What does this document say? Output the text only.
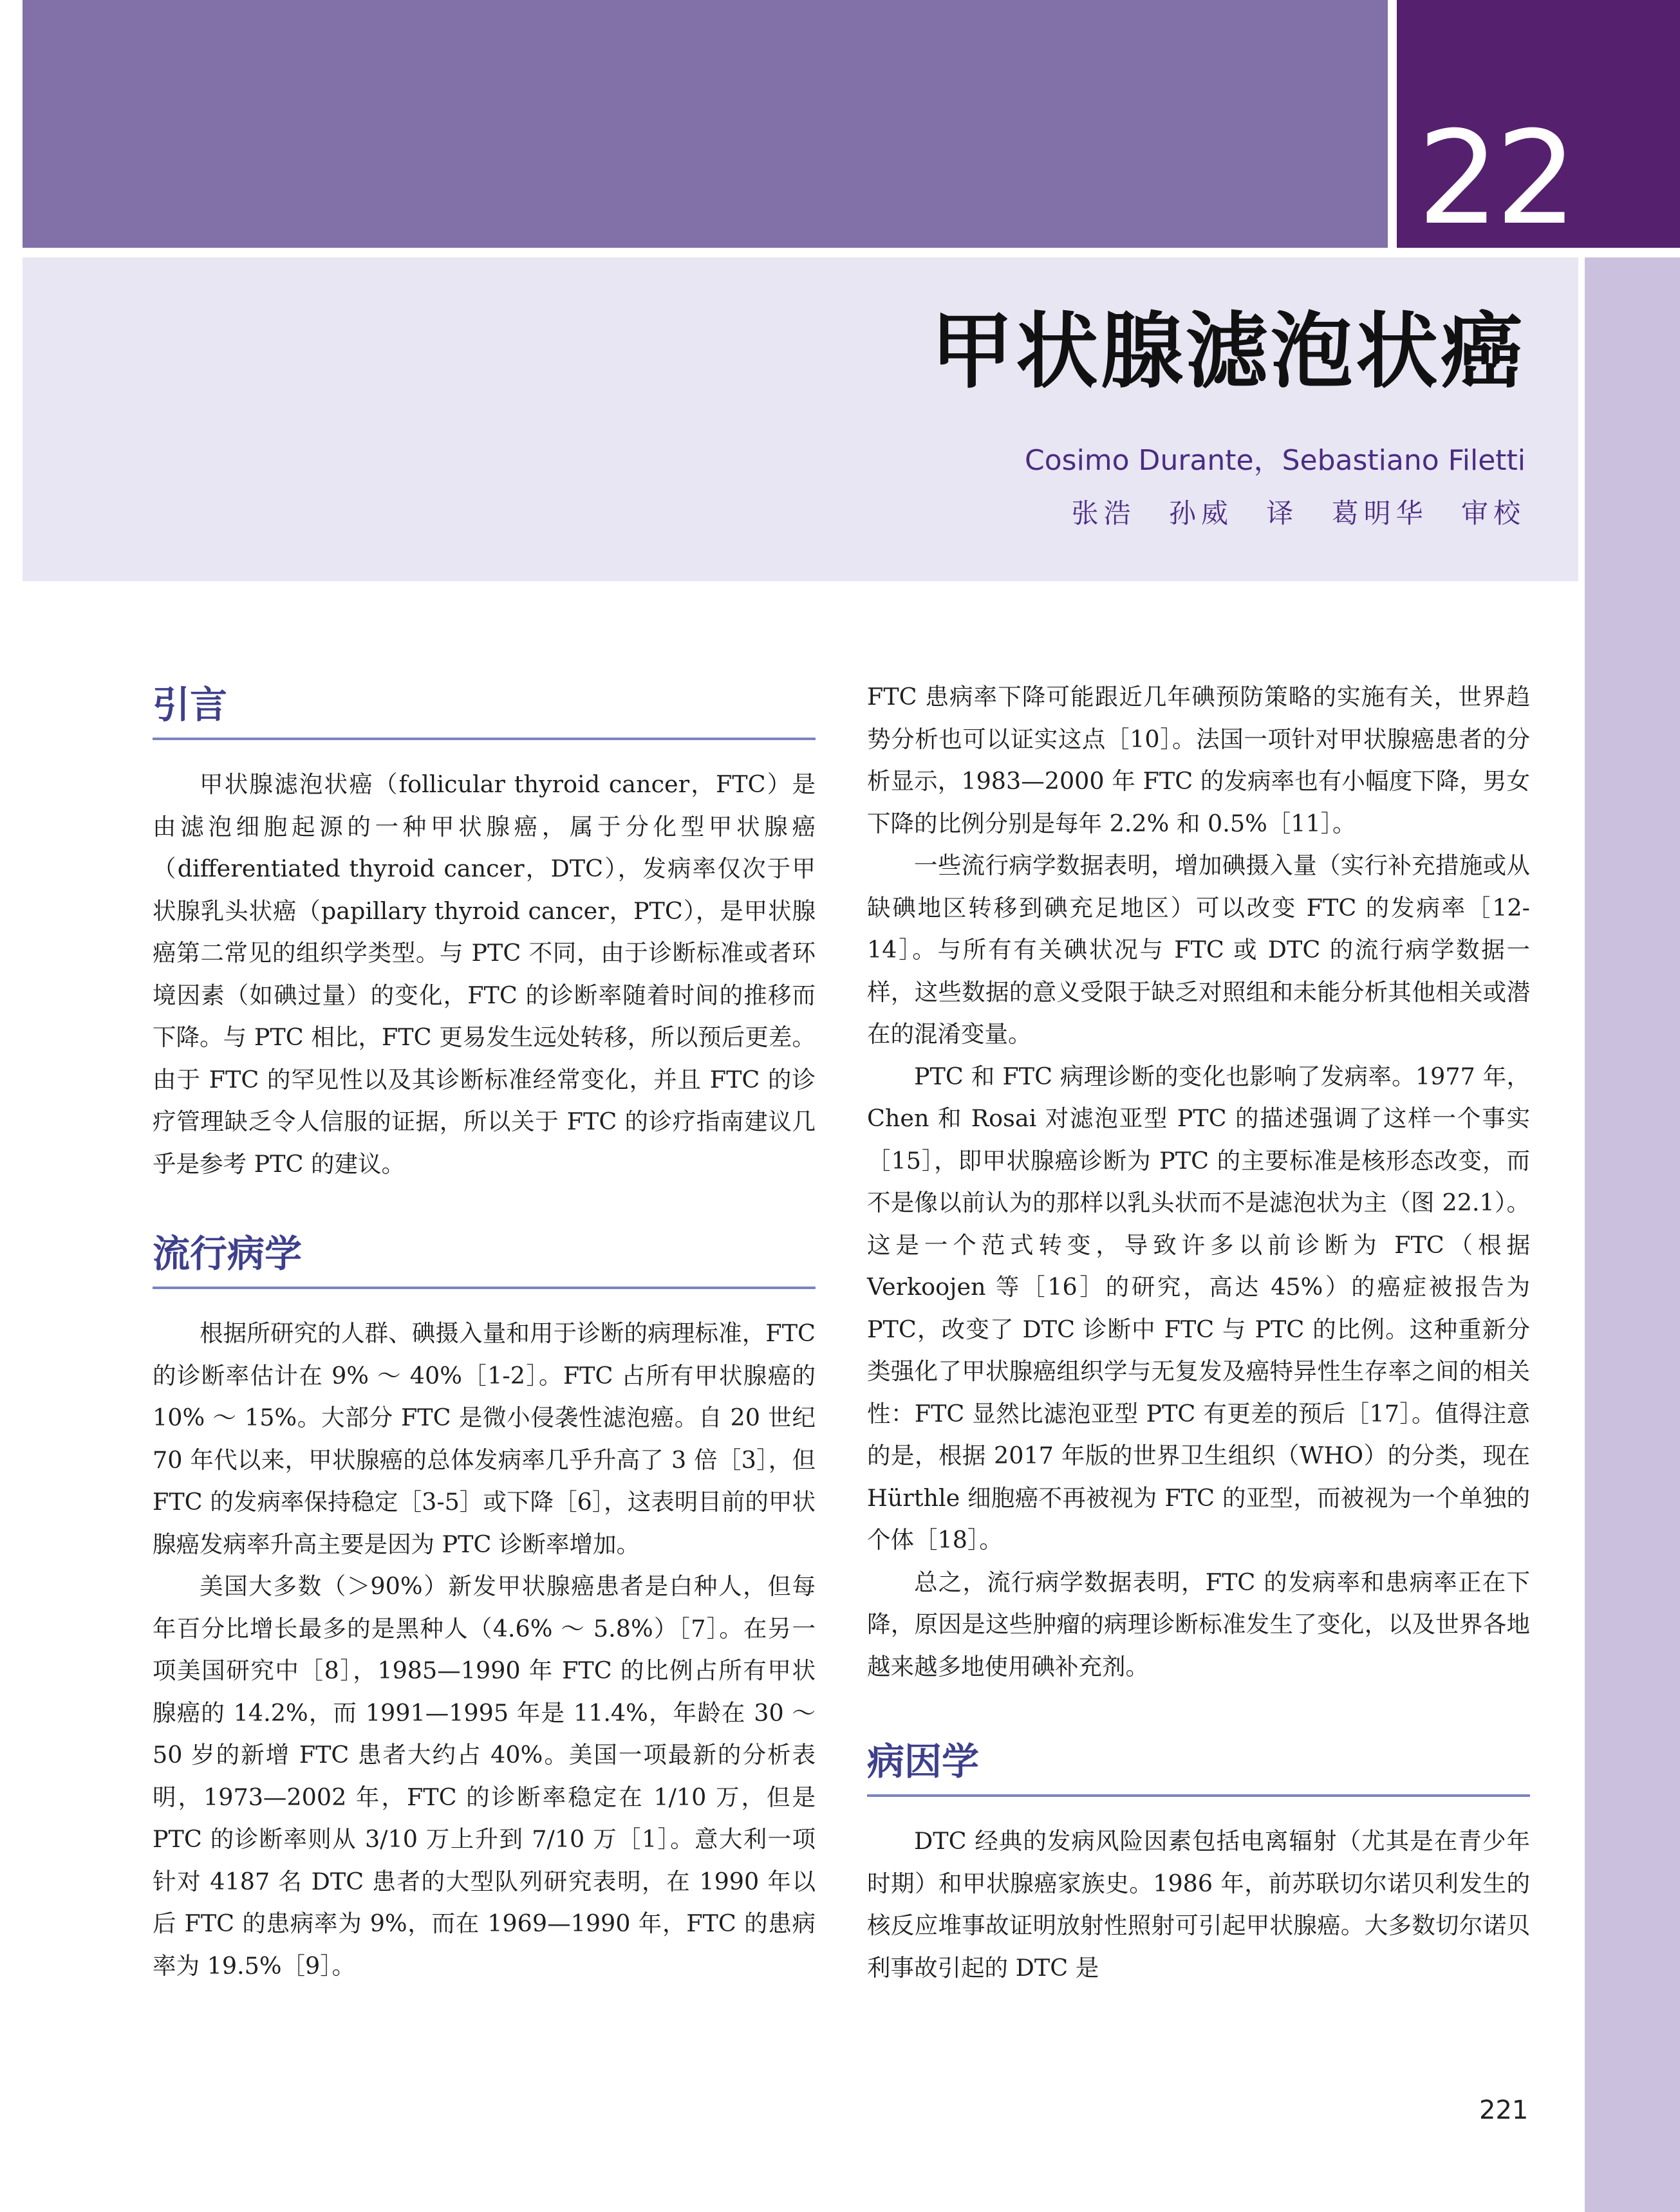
22
甲状腺滤泡状癌
Cosimo Durante，Sebastiano Filetti
张浩 孙威 译 葛明华 审校
引言

甲状腺滤泡状癌（follicular thyroid cancer，FTC）是由滤泡细胞起源的一种甲状腺癌，属于分化型甲状腺癌（differentiated thyroid cancer，DTC），发病率仅次于甲状腺乳头状癌（papillary thyroid cancer，PTC），是甲状腺癌第二常见的组织学类型。与 PTC 不同，由于诊断标准或者环境因素（如碘过量）的变化，FTC 的诊断率随着时间的推移而下降。与 PTC 相比，FTC 更易发生远处转移，所以预后更差。由于 FTC 的罕见性以及其诊断标准经常变化，并且 FTC 的诊疗管理缺乏令人信服的证据，所以关于 FTC 的诊疗指南建议几乎是参考 PTC 的建议。

流行病学

根据所研究的人群、碘摄入量和用于诊断的病理标准，FTC 的诊断率估计在 9% ～ 40%［1-2］。FTC 占所有甲状腺癌的 10% ～ 15%。大部分 FTC 是微小侵袭性滤泡癌。自 20 世纪 70 年代以来，甲状腺癌的总体发病率几乎升高了 3 倍［3］，但 FTC 的发病率保持稳定［3-5］或下降［6］，这表明目前的甲状腺癌发病率升高主要是因为 PTC 诊断率增加。

美国大多数（＞90%）新发甲状腺癌患者是白种人，但每年百分比增长最多的是黑种人（4.6% ～ 5.8%）［7］。在另一项美国研究中［8］，1985—1990 年 FTC 的比例占所有甲状腺癌的 14.2%，而 1991—1995 年是 11.4%，年龄在 30 ～ 50 岁的新增 FTC 患者大约占 40%。美国一项最新的分析表明，1973—2002 年，FTC 的诊断率稳定在 1/10 万，但是 PTC 的诊断率则从 3/10 万上升到 7/10 万［1］。意大利一项针对 4187 名 DTC 患者的大型队列研究表明，在 1990 年以后 FTC 的患病率为 9%，而在 1969—1990 年，FTC 的患病率为 19.5%［9］。

FTC 患病率下降可能跟近几年碘预防策略的实施有关，世界趋势分析也可以证实这点［10］。法国一项针对甲状腺癌患者的分析显示，1983—2000 年 FTC 的发病率也有小幅度下降，男女下降的比例分别是每年 2.2% 和 0.5%［11］。

一些流行病学数据表明，增加碘摄入量（实行补充措施或从缺碘地区转移到碘充足地区）可以改变 FTC 的发病率［12-14］。与所有有关碘状况与 FTC 或 DTC 的流行病学数据一样，这些数据的意义受限于缺乏对照组和未能分析其他相关或潜在的混淆变量。

PTC 和 FTC 病理诊断的变化也影响了发病率。1977 年，Chen 和 Rosai 对滤泡亚型 PTC 的描述强调了这样一个事实［15］，即甲状腺癌诊断为 PTC 的主要标准是核形态改变，而不是像以前认为的那样以乳头状而不是滤泡状为主（图 22.1）。这是一个范式转变，导致许多以前诊断为 FTC（根据 Verkoojen 等［16］的研究，高达 45%）的癌症被报告为 PTC，改变了 DTC 诊断中 FTC 与 PTC 的比例。这种重新分类强化了甲状腺癌组织学与无复发及癌特异性生存率之间的相关性：FTC 显然比滤泡亚型 PTC 有更差的预后［17］。值得注意的是，根据 2017 年版的世界卫生组织（WHO）的分类，现在 Hürthle 细胞癌不再被视为 FTC 的亚型，而被视为一个单独的个体［18］。

总之，流行病学数据表明，FTC 的发病率和患病率正在下降，原因是这些肿瘤的病理诊断标准发生了变化，以及世界各地越来越多地使用碘补充剂。

病因学

DTC 经典的发病风险因素包括电离辐射（尤其是在青少年时期）和甲状腺癌家族史。1986 年，前苏联切尔诺贝利发生的核反应堆事故证明放射性照射可引起甲状腺癌。大多数切尔诺贝利事故引起的 DTC 是

221
